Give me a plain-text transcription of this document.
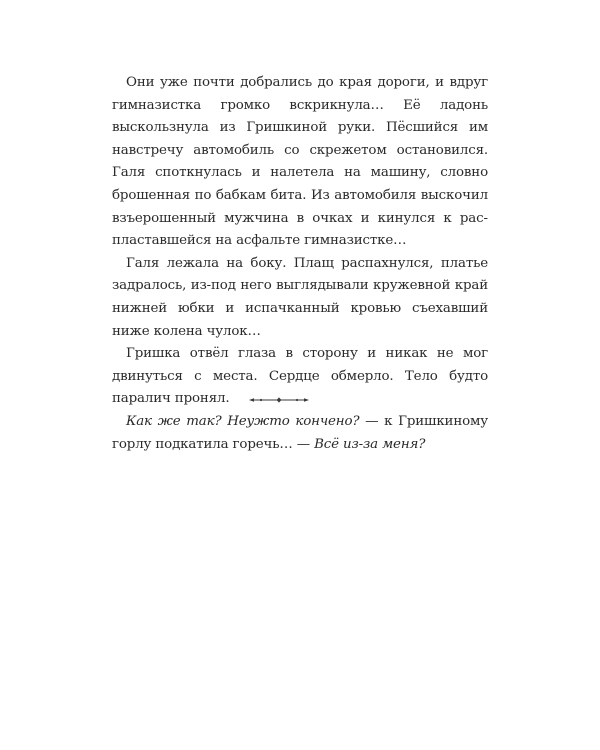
Они уже почти добрались до края дороги, и вдруг гимназистка громко вскрикнула… Её ладонь выскользнула из Гришкиной руки. Пёсшийся им навстречу автомобиль со скрежетом остановился. Галя споткнулась и налетела на машину, словно брошенная по бабкам бита. Из автомобиля выскочил взъерошенный мужчина в очках и кинулся к распластавшейся на асфальте гимназистке…

Галя лежала на боку. Плащ распахнулся, платье задралось, из-под него выглядывали кружевной край нижней юбки и испачканный кровью съехавший ниже колена чулок…

Гришка отвёл глаза в сторону и никак не мог двинуться с места. Сердце обмерло. Тело будто паралич пронял.

Как же так? Неужто кончено? — к Гришкиному горлу подкатила горечь… — Всё из-за меня?
